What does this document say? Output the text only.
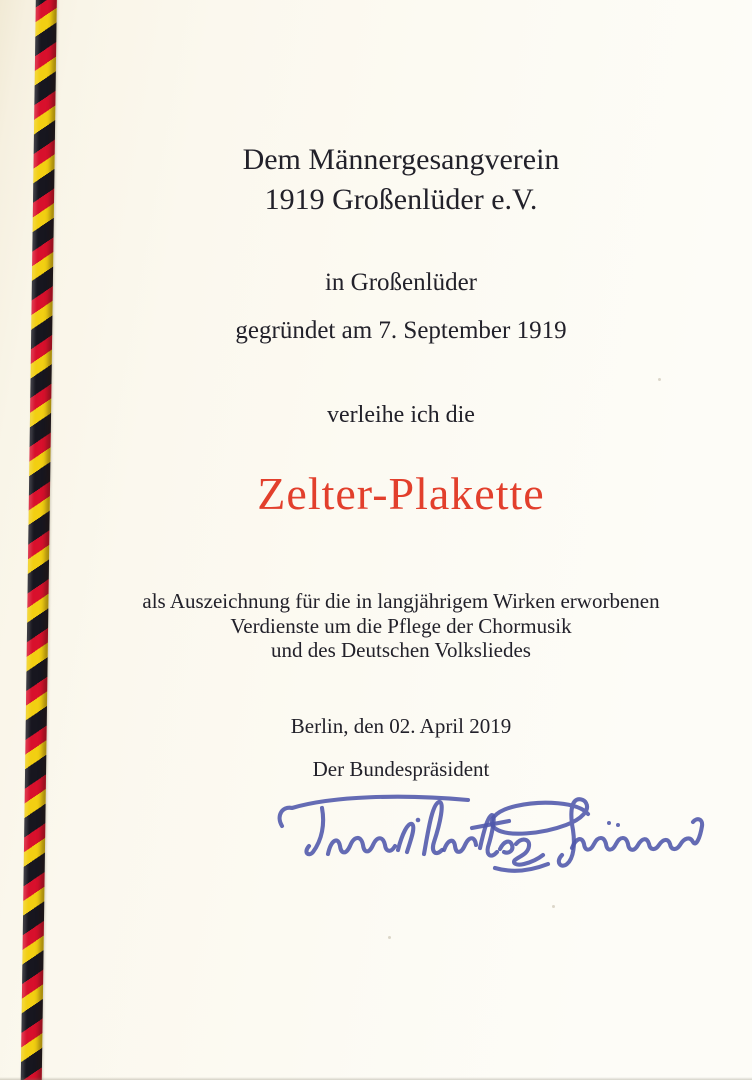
Dem Männergesangverein
1919 Großenlüder e.V.
in Großenlüder
gegründet am 7. September 1919
verleihe ich die
Zelter-Plakette
als Auszeichnung für die in langjährigem Wirken erworbenen
Verdienste um die Pflege der Chormusik
und des Deutschen Volksliedes
Berlin, den 02. April 2019
Der Bundespräsident
